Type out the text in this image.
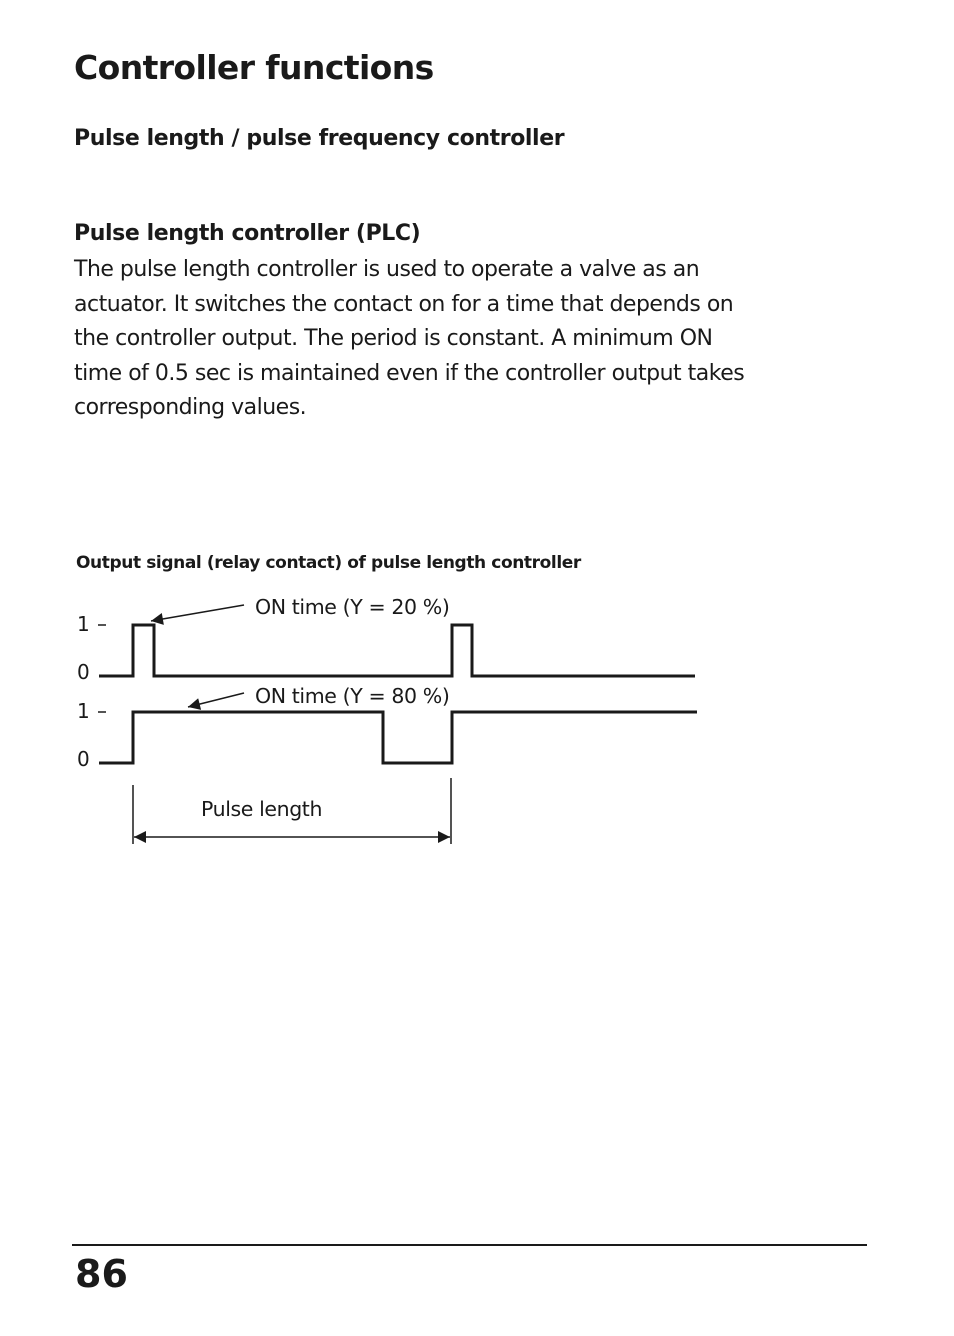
Controller functions
Pulse length / pulse frequency controller
Pulse length controller (PLC)

The pulse length controller is used to operate a valve as an
actuator. It switches the contact on for a time that depends on
the controller output. The period is constant. A minimum ON
time of 0.5 sec is maintained even if the controller output takes
corresponding values.

Output signal (relay contact) of pulse length controller

1
0
1
0
ON time (Y = 20 %)
ON time (Y = 80 %)
Pulse length

86
